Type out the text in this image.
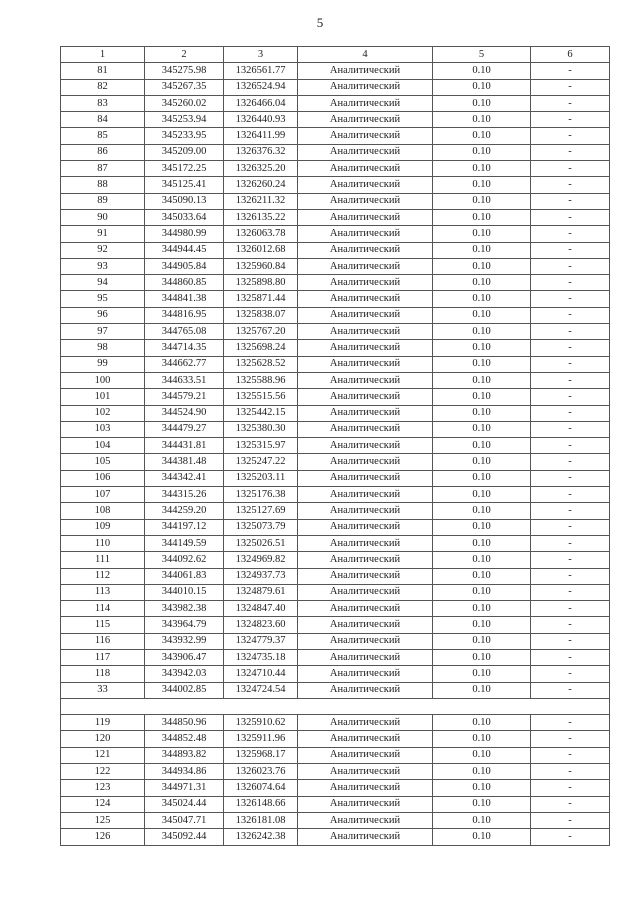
5
1	2	3	4	5	6
81	345275.98	1326561.77	Аналитический	0.10	-
82	345267.35	1326524.94	Аналитический	0.10	-
83	345260.02	1326466.04	Аналитический	0.10	-
84	345253.94	1326440.93	Аналитический	0.10	-
85	345233.95	1326411.99	Аналитический	0.10	-
86	345209.00	1326376.32	Аналитический	0.10	-
87	345172.25	1326325.20	Аналитический	0.10	-
88	345125.41	1326260.24	Аналитический	0.10	-
89	345090.13	1326211.32	Аналитический	0.10	-
90	345033.64	1326135.22	Аналитический	0.10	-
91	344980.99	1326063.78	Аналитический	0.10	-
92	344944.45	1326012.68	Аналитический	0.10	-
93	344905.84	1325960.84	Аналитический	0.10	-
94	344860.85	1325898.80	Аналитический	0.10	-
95	344841.38	1325871.44	Аналитический	0.10	-
96	344816.95	1325838.07	Аналитический	0.10	-
97	344765.08	1325767.20	Аналитический	0.10	-
98	344714.35	1325698.24	Аналитический	0.10	-
99	344662.77	1325628.52	Аналитический	0.10	-
100	344633.51	1325588.96	Аналитический	0.10	-
101	344579.21	1325515.56	Аналитический	0.10	-
102	344524.90	1325442.15	Аналитический	0.10	-
103	344479.27	1325380.30	Аналитический	0.10	-
104	344431.81	1325315.97	Аналитический	0.10	-
105	344381.48	1325247.22	Аналитический	0.10	-
106	344342.41	1325203.11	Аналитический	0.10	-
107	344315.26	1325176.38	Аналитический	0.10	-
108	344259.20	1325127.69	Аналитический	0.10	-
109	344197.12	1325073.79	Аналитический	0.10	-
110	344149.59	1325026.51	Аналитический	0.10	-
111	344092.62	1324969.82	Аналитический	0.10	-
112	344061.83	1324937.73	Аналитический	0.10	-
113	344010.15	1324879.61	Аналитический	0.10	-
114	343982.38	1324847.40	Аналитический	0.10	-
115	343964.79	1324823.60	Аналитический	0.10	-
116	343932.99	1324779.37	Аналитический	0.10	-
117	343906.47	1324735.18	Аналитический	0.10	-
118	343942.03	1324710.44	Аналитический	0.10	-
33	344002.85	1324724.54	Аналитический	0.10	-

119	344850.96	1325910.62	Аналитический	0.10	-
120	344852.48	1325911.96	Аналитический	0.10	-
121	344893.82	1325968.17	Аналитический	0.10	-
122	344934.86	1326023.76	Аналитический	0.10	-
123	344971.31	1326074.64	Аналитический	0.10	-
124	345024.44	1326148.66	Аналитический	0.10	-
125	345047.71	1326181.08	Аналитический	0.10	-
126	345092.44	1326242.38	Аналитический	0.10	-
